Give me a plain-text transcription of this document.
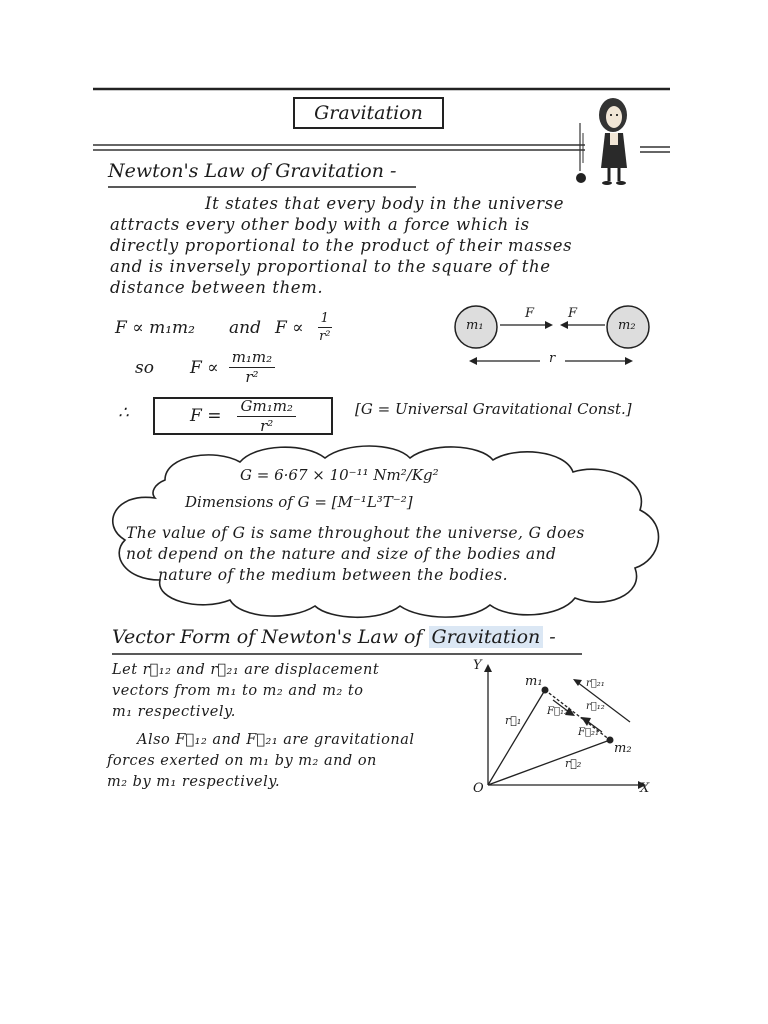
Gravitation
Newton's Law of Gravitation -
It states that every body in the universe
attracts every other body with a force which is
directly proportional to the product of their masses
and is inversely proportional to the square of the
distance between them.
F ∝ m₁m₂ and $F \propto \frac{1}{\text{r²}}$
so $F \propto \frac{\text{m₁m₂}}{\text{r²}}$
m₁	m₂
F	F
r
∴	$F = \frac{\text{Gm₁m₂}}{\text{r²}}$	[G = Universal Gravitational Const.]
G = 6·67 × 10⁻¹¹ Nm²/Kg²
Dimensions of G = [M⁻¹L³T⁻²]
The value of G is same throughout the universe, G does
not depend on the nature and size of the bodies and
nature of the medium between the bodies.
Vector Form of Newton's Law of Gravitation -
Let r⃗₁₂ and r⃗₂₁ are displacement
vectors from m₁ to m₂ and m₂ to
m₁ respectively.
Also F⃗₁₂ and F⃗₂₁ are gravitational
forces exerted on m₁ by m₂ and on
m₂ by m₁ respectively.
Y
X
O
m₁
m₂
r⃗₁
r⃗₂
r⃗₁₂
r⃗₂₁
F⃗₁₂
F⃗₂₁
